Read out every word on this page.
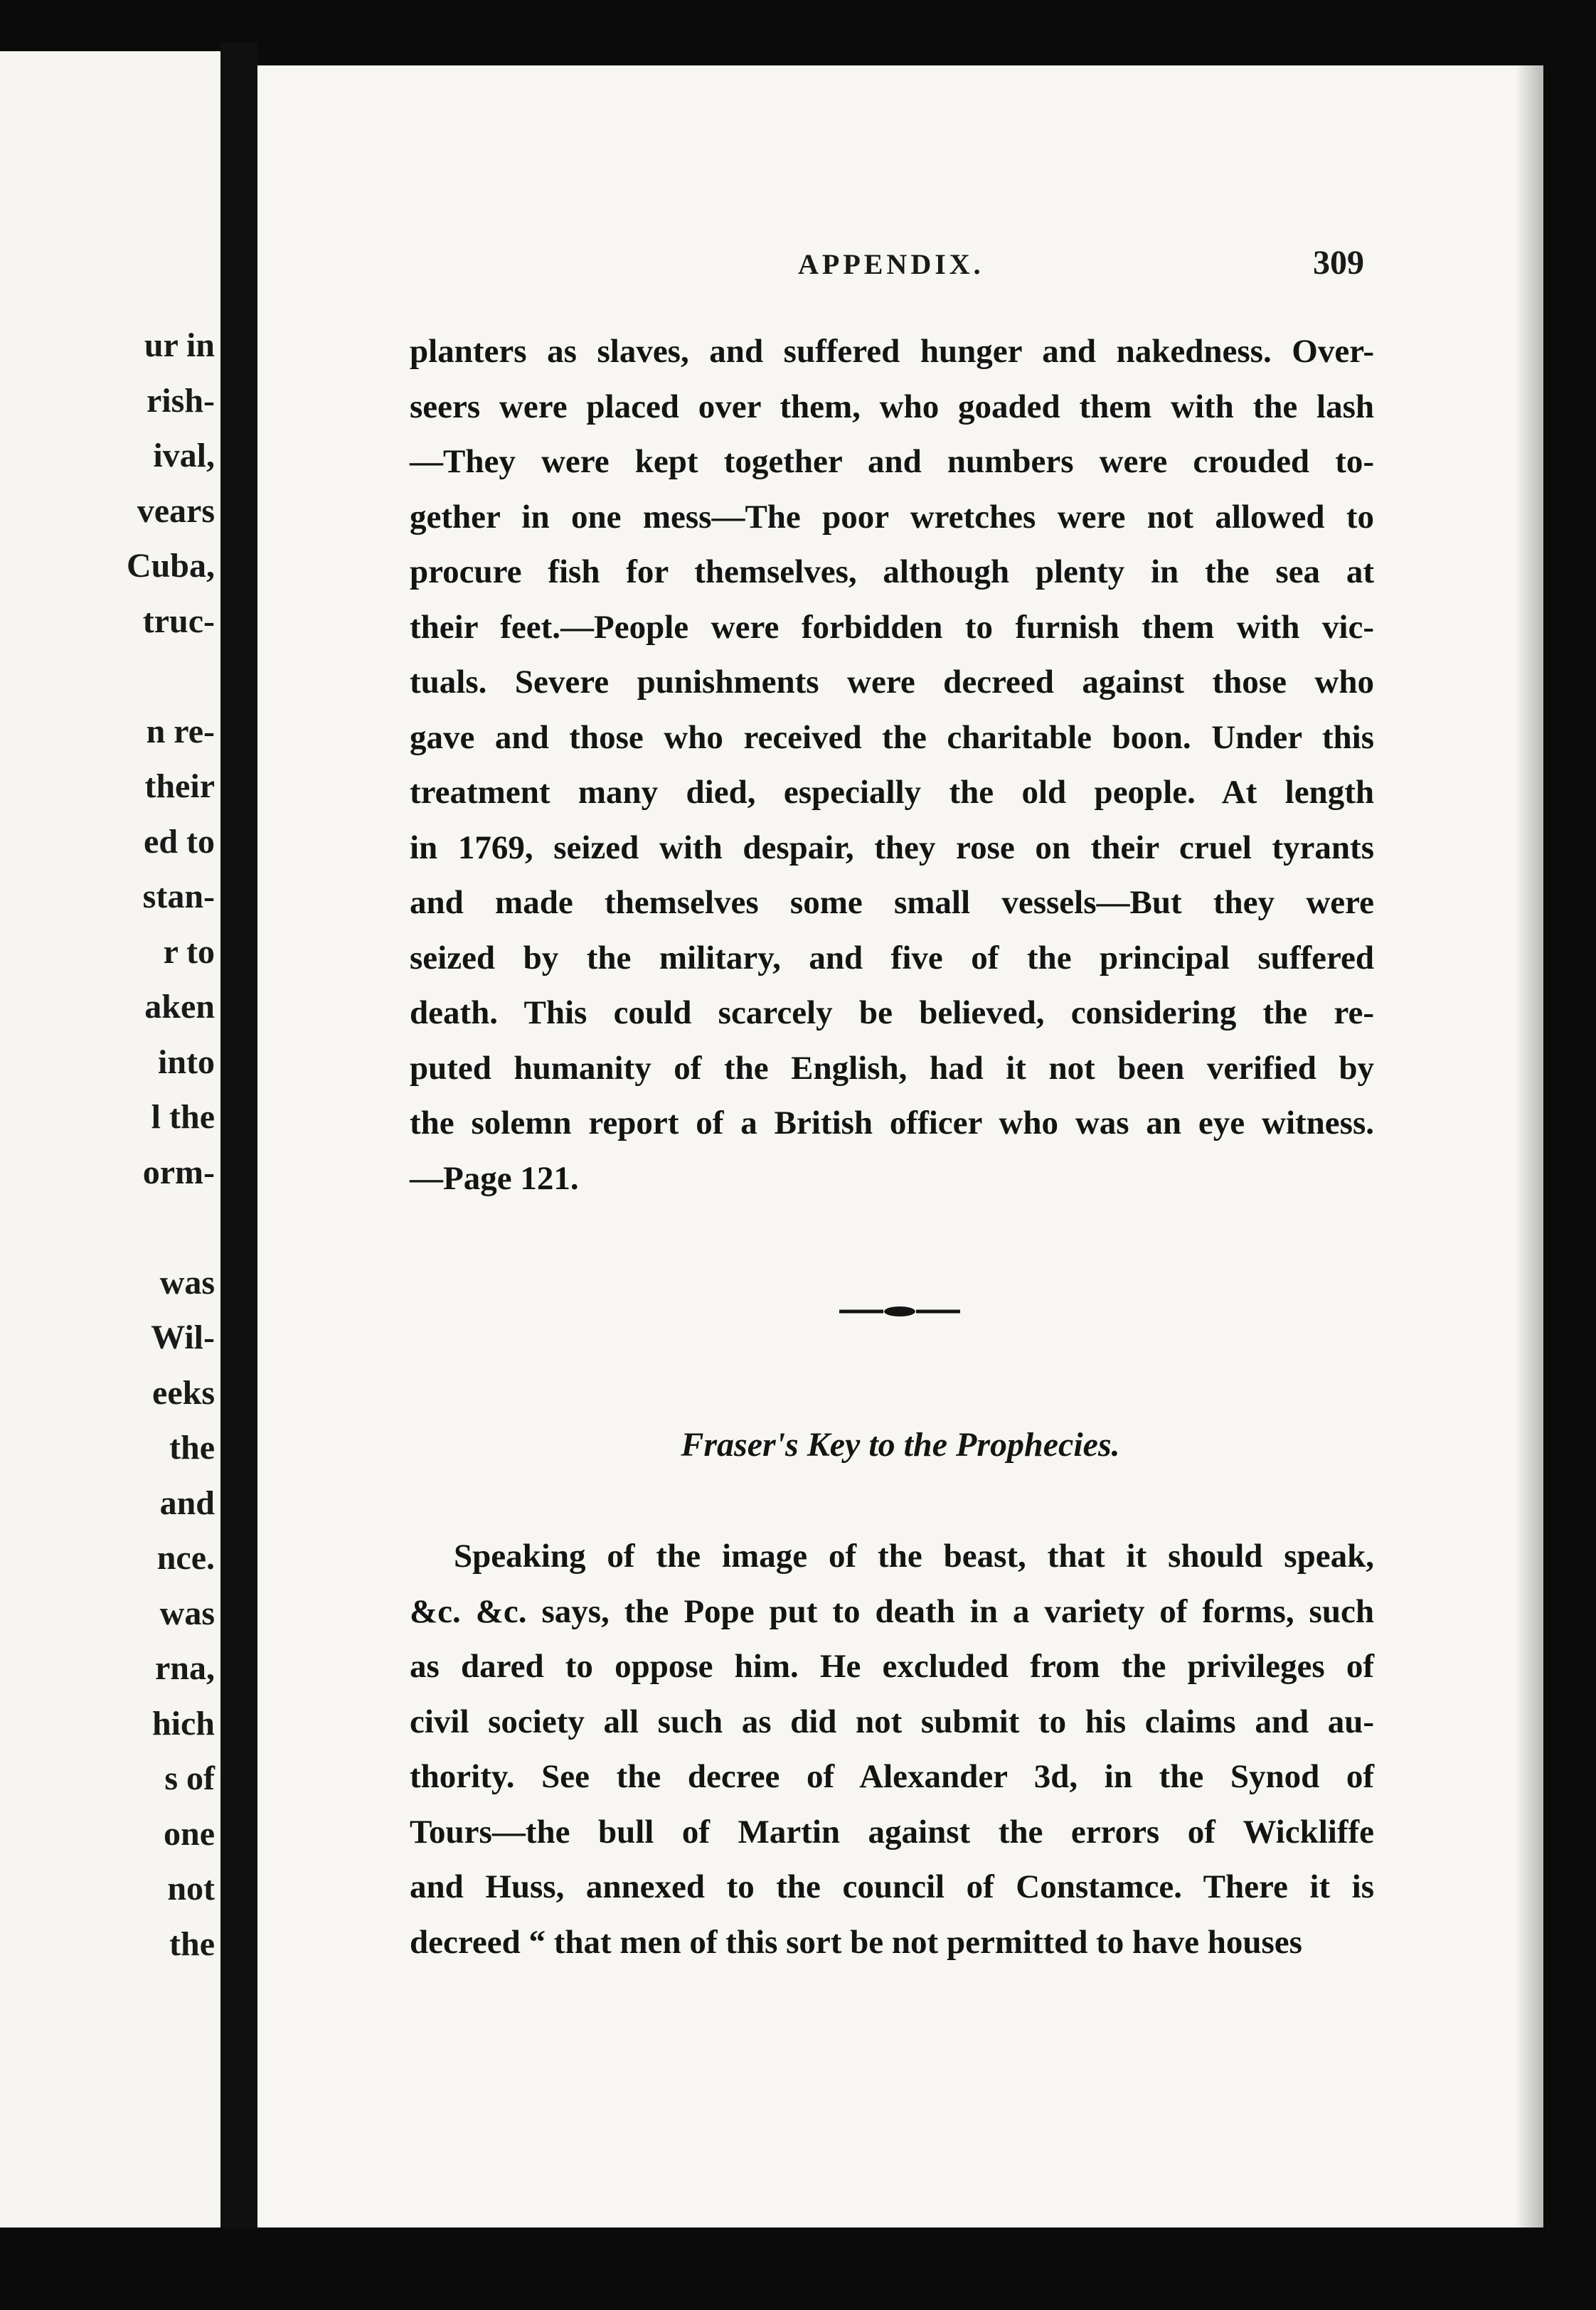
ur in
rish-
ival,
vears
Cuba,
truc-
n re-
their
ed to
stan-
r to
aken
into
l the
orm-
was
Wil-
eeks
the
and
nce.
was
rna,
hich
s of
one
not
the
APPENDIX.	309
planters as slaves, and suffered hunger and nakedness. Over-
seers were placed over them, who goaded them with the lash
—They were kept together and numbers were crouded to-
gether in one mess—The poor wretches were not allowed to
procure fish for themselves, although plenty in the sea at
their feet.—People were forbidden to furnish them with vic-
tuals. Severe punishments were decreed against those who
gave and those who received the charitable boon. Under this
treatment many died, especially the old people. At length
in 1769, seized with despair, they rose on their cruel tyrants
and made themselves some small vessels—But they were
seized by the military, and five of the principal suffered
death. This could scarcely be believed, considering the re-
puted humanity of the English, had it not been verified by
the solemn report of a British officer who was an eye witness.
—Page 121.
Fraser's Key to the Prophecies.
Speaking of the image of the beast, that it should speak,
&c. &c. says, the Pope put to death in a variety of forms, such
as dared to oppose him. He excluded from the privileges of
civil society all such as did not submit to his claims and au-
thority. See the decree of Alexander 3d, in the Synod of
Tours—the bull of Martin against the errors of Wickliffe
and Huss, annexed to the council of Constamce. There it is
decreed “ that men of this sort be not permitted to have houses
